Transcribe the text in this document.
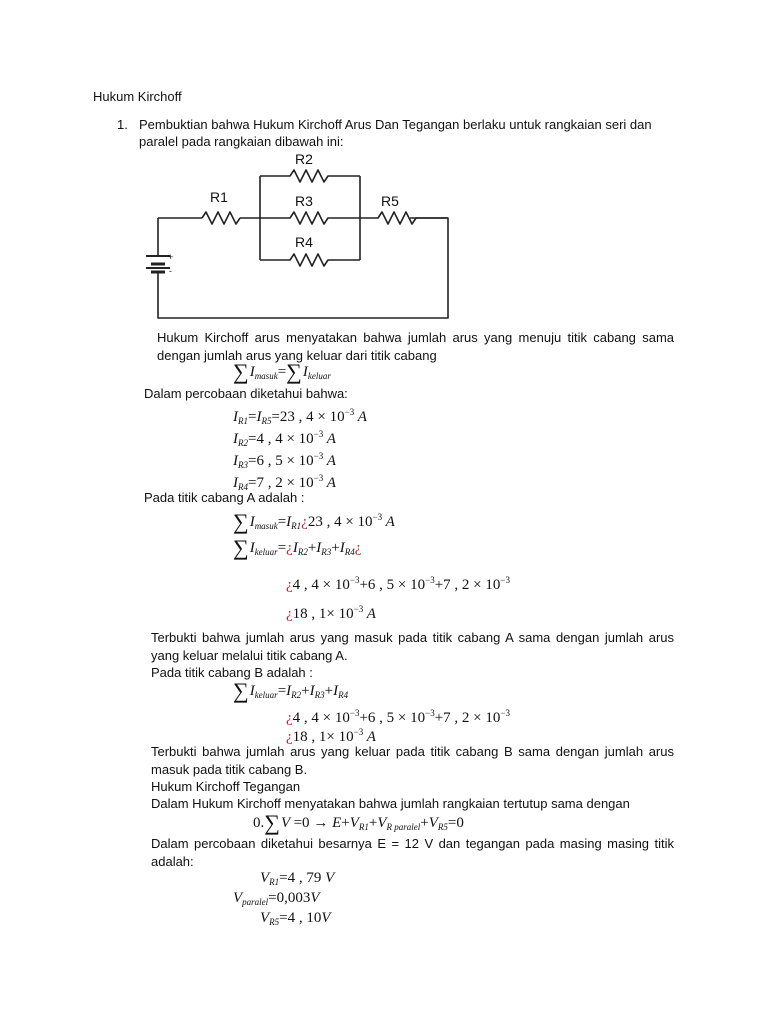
Hukum Kirchoff
1. Pembuktian bahwa Hukum Kirchoff Arus Dan Tegangan berlaku untuk rangkaian seri dan
paralel pada rangkaian dibawah ini:
R1
R2
R3
R4
R5
+
-
Hukum Kirchoff arus menyatakan bahwa jumlah arus yang menuju titik cabang sama dengan jumlah arus yang keluar dari titik cabang
$\sum I_{masuk}=\sum I_{keluar}$
Dalam percobaan diketahui bahwa:
$I_{R1}=I_{R5}=23$ , $4 \times 10^{-3}$ A
$I_{R2}=4$ , $4 \times 10^{-3}$ A
$I_{R3}=6$ , $5 \times 10^{-3}$ A
$I_{R4}=7$ , $2 \times 10^{-3}$ A
Pada titik cabang A adalah :
$\sum I_{masuk}=I_{R1}¿23$ , $4 \times 10^{-3}$ A
$\sum I_{keluar}=¿I_{R2}+I_{R3}+I_{R4}¿$
¿4 , $4 \times 10^{-3}+6$ , $5 \times 10^{-3}+7$ , $2 \times 10^{-3}$
¿18 , $1\times 10^{-3}$ A
Terbukti bahwa jumlah arus yang masuk pada titik cabang A sama dengan jumlah arus yang keluar melalui titik cabang A.
Pada titik cabang B adalah :
$\sum I_{keluar}=I_{R2}+I_{R3}+I_{R4}$
¿4 , $4 \times 10^{-3}+6$ , $5 \times 10^{-3}+7$ , $2 \times 10^{-3}$
¿18 , $1\times 10^{-3}$ A
Terbukti bahwa jumlah arus yang keluar pada titik cabang B sama dengan jumlah arus masuk pada titik cabang B.
Hukum Kirchoff Tegangan
Dalam Hukum Kirchoff menyatakan bahwa jumlah rangkaian tertutup sama dengan
$0.\sum V =0 \to E+V_{R1}+V_{R paralel}+V_{R5}=0$
Dalam percobaan diketahui besarnya E = 12 V dan tegangan pada masing masing titik adalah:
$V_{R1}=4$ , 79 V
$V_{paralel}=0,003V$
$V_{R5}=4$ , 10V
